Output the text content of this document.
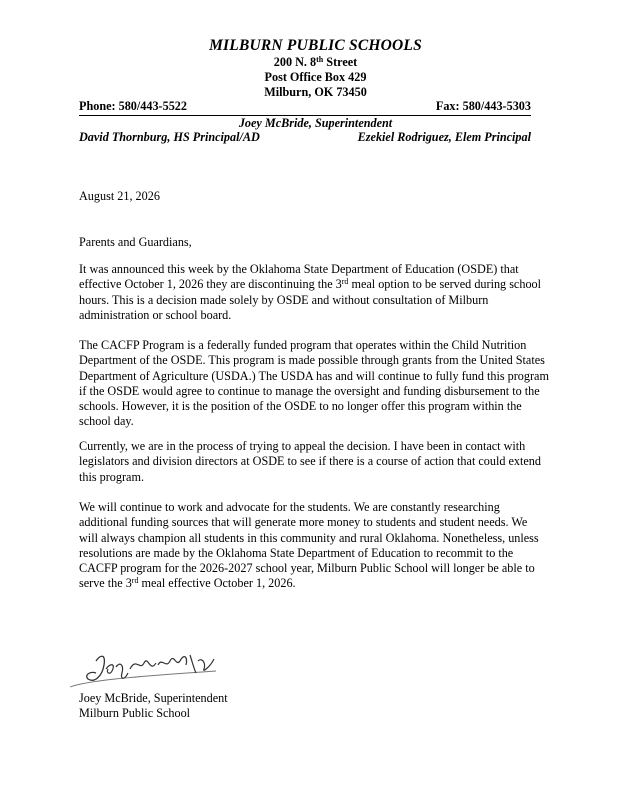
MILBURN PUBLIC SCHOOLS
200 N. 8th Street
Post Office Box 429
Milburn, OK 73450
Phone: 580/443-5522	Fax: 580/443-5303
Joey McBride, Superintendent
David Thornburg, HS Principal/AD	Ezekiel Rodriguez, Elem Principal
August 21, 2026
Parents and Guardians,
It was announced this week by the Oklahoma State Department of Education (OSDE) that effective October 1, 2026 they are discontinuing the 3rd meal option to be served during school hours. This is a decision made solely by OSDE and without consultation of Milburn administration or school board.
The CACFP Program is a federally funded program that operates within the Child Nutrition Department of the OSDE. This program is made possible through grants from the United States Department of Agriculture (USDA.) The USDA has and will continue to fully fund this program if the OSDE would agree to continue to manage the oversight and funding disbursement to the schools. However, it is the position of the OSDE to no longer offer this program within the school day.
Currently, we are in the process of trying to appeal the decision. I have been in contact with legislators and division directors at OSDE to see if there is a course of action that could extend this program.
We will continue to work and advocate for the students. We are constantly researching additional funding sources that will generate more money to students and student needs. We will always champion all students in this community and rural Oklahoma. Nonetheless, unless resolutions are made by the Oklahoma State Department of Education to recommit to the CACFP program for the 2026-2027 school year, Milburn Public School will longer be able to serve the 3rd meal effective October 1, 2026.
Joey McBride, Superintendent
Milburn Public School
